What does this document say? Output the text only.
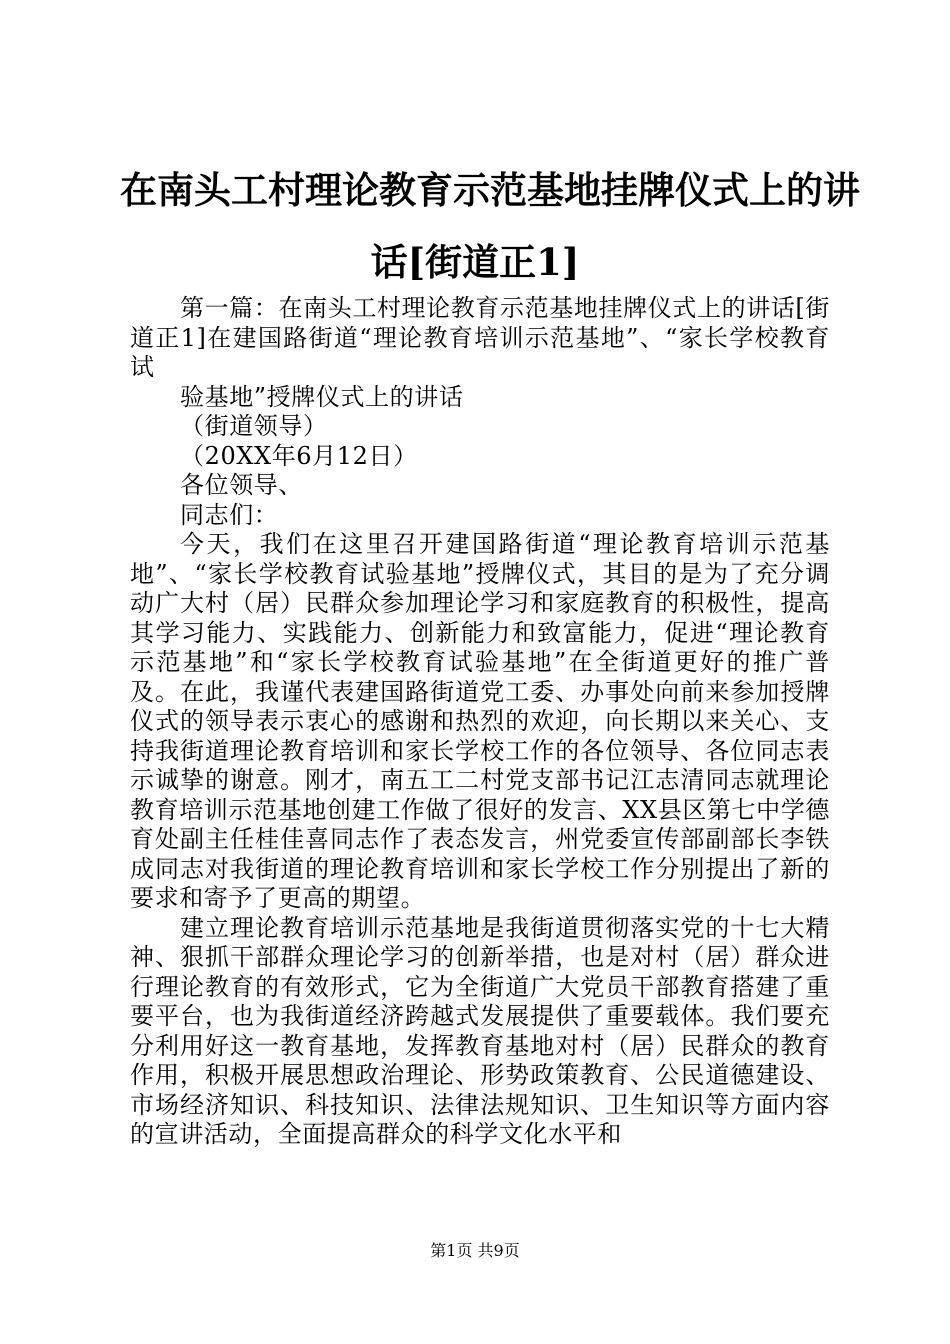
在南头工村理论教育示范基地挂牌仪式上的讲
话[街道正1]

第一篇：在南头工村理论教育示范基地挂牌仪式上的讲话[街道正1]在建国路街道“理论教育培训示范基地”、“家长学校教育试

验基地”授牌仪式上的讲话

（街道领导）

（20XX年6月12日）

各位领导、

同志们：

今天，我们在这里召开建国路街道“理论教育培训示范基地”、“家长学校教育试验基地”授牌仪式，其目的是为了充分调动广大村（居）民群众参加理论学习和家庭教育的积极性，提高其学习能力、实践能力、创新能力和致富能力，促进“理论教育示范基地”和“家长学校教育试验基地”在全街道更好的推广普及。在此，我谨代表建国路街道党工委、办事处向前来参加授牌仪式的领导表示衷心的感谢和热烈的欢迎，向长期以来关心、支持我街道理论教育培训和家长学校工作的各位领导、各位同志表示诚挚的谢意。刚才，南五工二村党支部书记江志清同志就理论教育培训示范基地创建工作做了很好的发言、XX县区第七中学德育处副主任桂佳喜同志作了表态发言，州党委宣传部副部长李铁成同志对我街道的理论教育培训和家长学校工作分别提出了新的要求和寄予了更高的期望。

建立理论教育培训示范基地是我街道贯彻落实党的十七大精神、狠抓干部群众理论学习的创新举措，也是对村（居）群众进行理论教育的有效形式，它为全街道广大党员干部教育搭建了重要平台，也为我街道经济跨越式发展提供了重要载体。我们要充分利用好这一教育基地，发挥教育基地对村（居）民群众的教育作用，积极开展思想政治理论、形势政策教育、公民道德建设、市场经济知识、科技知识、法律法规知识、卫生知识等方面内容的宣讲活动，全面提高群众的科学文化水平和

第1页 共9页
